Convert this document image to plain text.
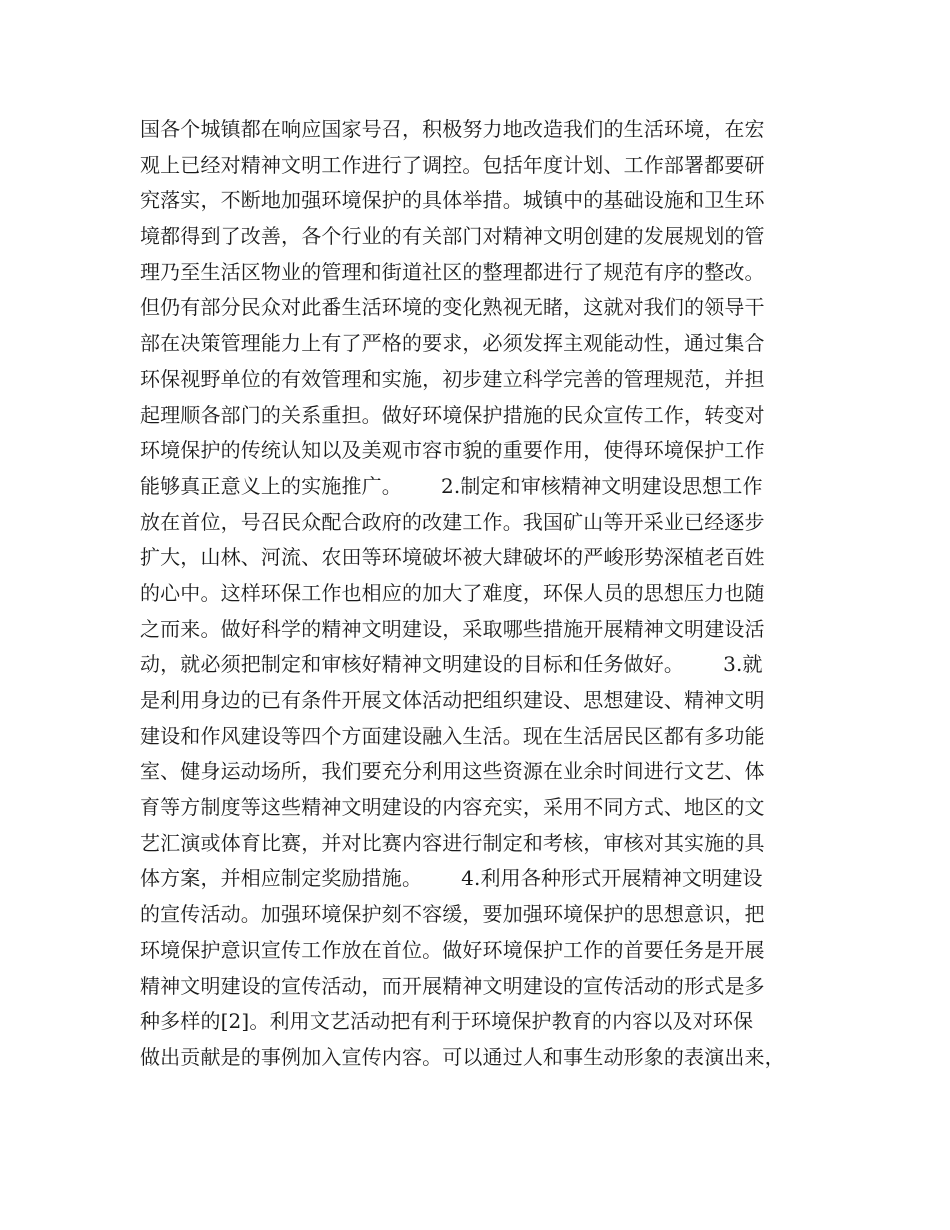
国各个城镇都在响应国家号召，积极努力地改造我们的生活环境，在宏
观上已经对精神文明工作进行了调控。包括年度计划、工作部署都要研
究落实，不断地加强环境保护的具体举措。城镇中的基础设施和卫生环
境都得到了改善，各个行业的有关部门对精神文明创建的发展规划的管
理乃至生活区物业的管理和街道社区的整理都进行了规范有序的整改。
但仍有部分民众对此番生活环境的变化熟视无睹，这就对我们的领导干
部在决策管理能力上有了严格的要求，必须发挥主观能动性，通过集合
环保视野单位的有效管理和实施，初步建立科学完善的管理规范，并担
起理顺各部门的关系重担。做好环境保护措施的民众宣传工作，转变对
环境保护的传统认知以及美观市容市貌的重要作用，使得环境保护工作
能够真正意义上的实施推广。      2.制定和审核精神文明建设思想工作
放在首位，号召民众配合政府的改建工作。我国矿山等开采业已经逐步
扩大，山林、河流、农田等环境破坏被大肆破坏的严峻形势深植老百姓
的心中。这样环保工作也相应的加大了难度，环保人员的思想压力也随
之而来。做好科学的精神文明建设，采取哪些措施开展精神文明建设活
动，就必须把制定和审核好精神文明建设的目标和任务做好。      3.就
是利用身边的已有条件开展文体活动把组织建设、思想建设、精神文明
建设和作风建设等四个方面建设融入生活。现在生活居民区都有多功能
室、健身运动场所，我们要充分利用这些资源在业余时间进行文艺、体
育等方制度等这些精神文明建设的内容充实，采用不同方式、地区的文
艺汇演或体育比赛，并对比赛内容进行制定和考核，审核对其实施的具
体方案，并相应制定奖励措施。      4.利用各种形式开展精神文明建设
的宣传活动。加强环境保护刻不容缓，要加强环境保护的思想意识，把
环境保护意识宣传工作放在首位。做好环境保护工作的首要任务是开展
精神文明建设的宣传活动，而开展精神文明建设的宣传活动的形式是多
种多样的[2]。利用文艺活动把有利于环境保护教育的内容以及对环保
做出贡献是的事例加入宣传内容。可以通过人和事生动形象的表演出来，
